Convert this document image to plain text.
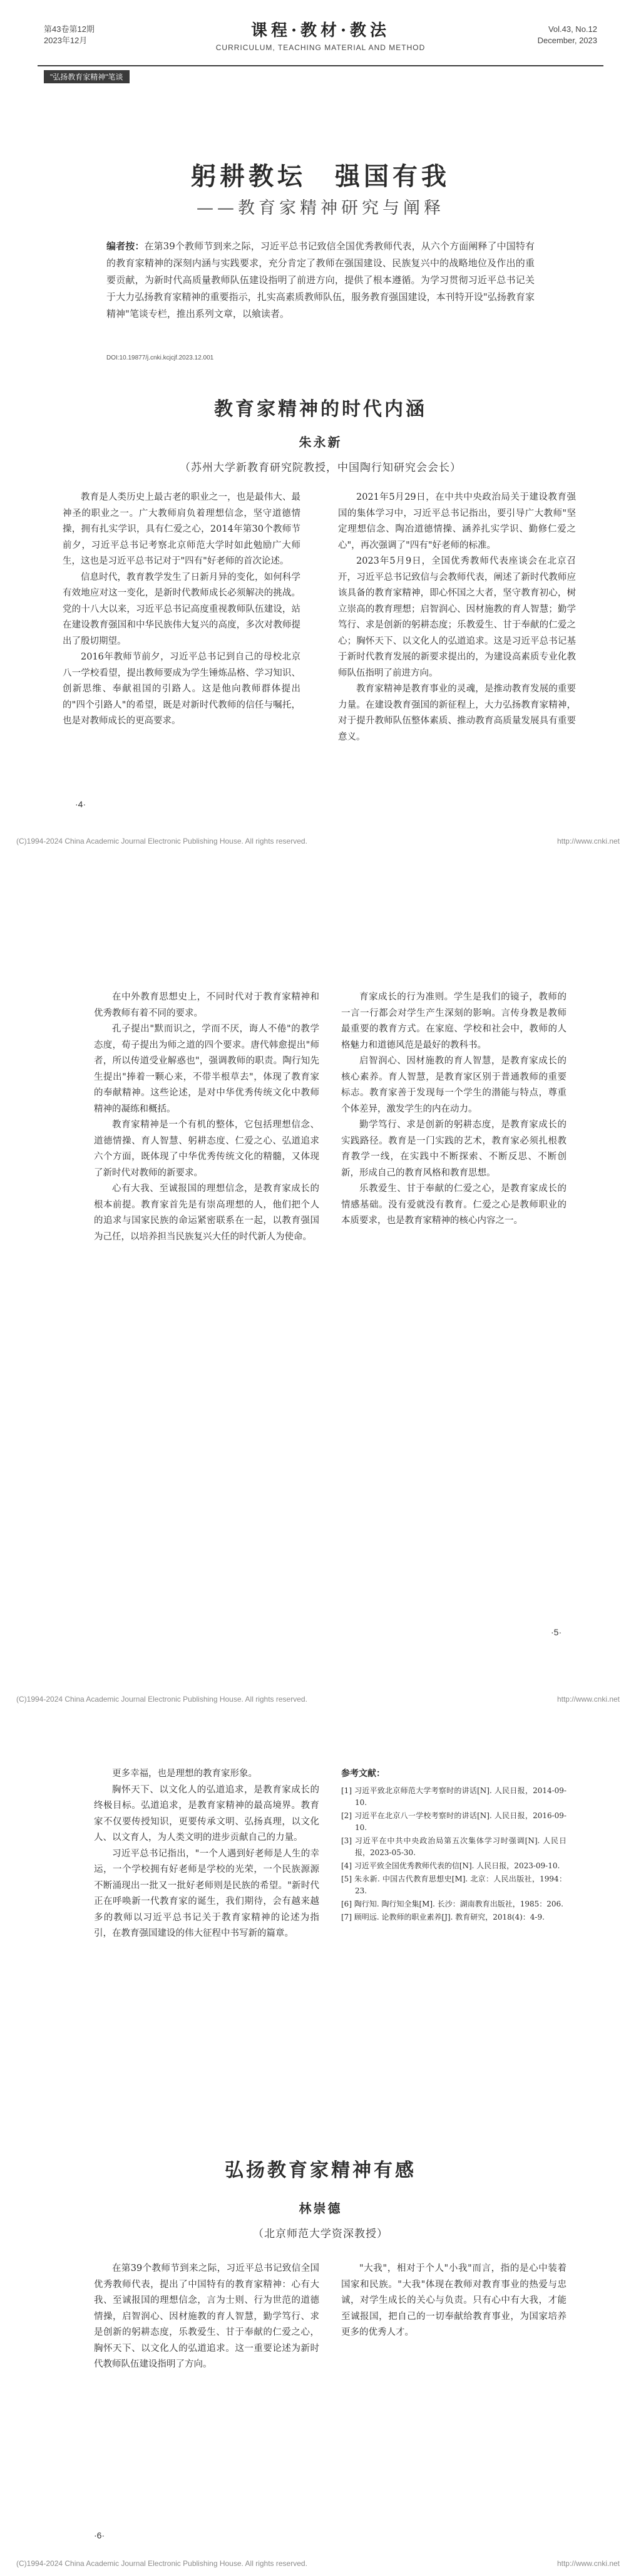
第43卷第12期
2023年12月
课程·教材·教法
CURRICULUM, TEACHING MATERIAL AND METHOD
Vol.43, No.12
December, 2023
"弘扬教育家精神"笔谈
躬耕教坛　强国有我
——教育家精神研究与阐释
编者按：在第39个教师节到来之际，习近平总书记致信全国优秀教师代表，从六个方面阐释了中国特有的教育家精神的深刻内涵与实践要求，充分肯定了教师在强国建设、民族复兴中的战略地位及作出的重要贡献，为新时代高质量教师队伍建设指明了前进方向，提供了根本遵循。为学习贯彻习近平总书记关于大力弘扬教育家精神的重要指示，扎实高素质教师队伍，服务教育强国建设，本刊特开设"弘扬教育家精神"笔谈专栏，推出系列文章，以飨读者。
DOI:10.19877/j.cnki.kcjcjf.2023.12.001
教育家精神的时代内涵
朱永新
（苏州大学新教育研究院教授，中国陶行知研究会会长）

教育是人类历史上最古老的职业之一，也是最伟大、最神圣的职业之一。广大教师肩负着理想信念，坚守道德情操，拥有扎实学识，具有仁爱之心，2014年第30个教师节前夕，习近平总书记考察北京师范大学时如此勉励广大师生，这也是习近平总书记对于"四有"好老师的首次论述。

信息时代，教育教学发生了日新月异的变化，如何科学有效地应对这一变化，是新时代教师成长必须解决的挑战。党的十八大以来，习近平总书记高度重视教师队伍建设，站在建设教育强国和中华民族伟大复兴的高度，多次对教师提出了殷切期望。

2016年教师节前夕，习近平总书记到自己的母校北京八一学校看望，提出教师要成为学生锤炼品格、学习知识、创新思维、奉献祖国的引路人。这是他向教师群体提出的"四个引路人"的希望，既是对新时代教师的信任与嘱托，也是对教师成长的更高要求。

2021年5月29日，在中共中央政治局关于建设教育强国的集体学习中，习近平总书记指出，要引导广大教师"坚定理想信念、陶冶道德情操、涵养扎实学识、勤修仁爱之心"，再次强调了"四有"好老师的标准。

2023年5月9日，全国优秀教师代表座谈会在北京召开，习近平总书记致信与会教师代表，阐述了新时代教师应该具备的教育家精神，即心怀国之大者，坚守教育初心，树立崇高的教育理想；启智润心、因材施教的育人智慧；勤学笃行、求是创新的躬耕态度；乐教爱生、甘于奉献的仁爱之心；胸怀天下、以文化人的弘道追求。这是习近平总书记基于新时代教育发展的新要求提出的，为建设高素质专业化教师队伍指明了前进方向。

教育家精神是教育事业的灵魂，是推动教育发展的重要力量。在建设教育强国的新征程上，大力弘扬教育家精神，对于提升教师队伍整体素质、推动教育高质量发展具有重要意义。

·4·
(C)1994-2024 China Academic Journal Electronic Publishing House. All rights reserved.	http://www.cnki.net

在中外教育思想史上，不同时代对于教育家精神和优秀教师有着不同的要求。

孔子提出"默而识之，学而不厌，诲人不倦"的教学态度，荀子提出为师之道的四个要求。唐代韩愈提出"师者，所以传道受业解惑也"，强调教师的职责。陶行知先生提出"捧着一颗心来，不带半根草去"，体现了教育家的奉献精神。这些论述，是对中华优秀传统文化中教师精神的凝练和概括。

教育家精神是一个有机的整体，它包括理想信念、道德情操、育人智慧、躬耕态度、仁爱之心、弘道追求六个方面，既体现了中华优秀传统文化的精髓，又体现了新时代对教师的新要求。

心有大我、至诚报国的理想信念，是教育家成长的根本前提。教育家首先是有崇高理想的人，他们把个人的追求与国家民族的命运紧密联系在一起，以教育强国为己任，以培养担当民族复兴大任的时代新人为使命。

育家成长的行为准则。学生是我们的镜子，教师的一言一行都会对学生产生深刻的影响。言传身教是教师最重要的教育方式。在家庭、学校和社会中，教师的人格魅力和道德风范是最好的教科书。

启智润心、因材施教的育人智慧，是教育家成长的核心素养。育人智慧，是教育家区别于普通教师的重要标志。教育家善于发现每一个学生的潜能与特点，尊重个体差异，激发学生的内在动力。

勤学笃行、求是创新的躬耕态度，是教育家成长的实践路径。教育是一门实践的艺术，教育家必须扎根教育教学一线，在实践中不断探索、不断反思、不断创新，形成自己的教育风格和教育思想。

乐教爱生、甘于奉献的仁爱之心，是教育家成长的情感基础。没有爱就没有教育。仁爱之心是教师职业的本质要求，也是教育家精神的核心内容之一。

·5·
(C)1994-2024 China Academic Journal Electronic Publishing House. All rights reserved.	http://www.cnki.net

更多幸福，也是理想的教育家形象。

胸怀天下、以文化人的弘道追求，是教育家成长的终极目标。弘道追求，是教育家精神的最高境界。教育家不仅要传授知识，更要传承文明、弘扬真理，以文化人、以文育人，为人类文明的进步贡献自己的力量。

习近平总书记指出，"一个人遇到好老师是人生的幸运，一个学校拥有好老师是学校的光荣，一个民族源源不断涌现出一批又一批好老师则是民族的希望。"新时代正在呼唤新一代教育家的诞生，我们期待，会有越来越多的教师以习近平总书记关于教育家精神的论述为指引，在教育强国建设的伟大征程中书写新的篇章。

参考文献：
[1] 习近平致北京师范大学考察时的讲话[N]. 人民日报，2014-09-10.
[2] 习近平在北京八一学校考察时的讲话[N]. 人民日报，2016-09-10.
[3] 习近平在中共中央政治局第五次集体学习时强调[N]. 人民日报，2023-05-30.
[4] 习近平致全国优秀教师代表的信[N]. 人民日报，2023-09-10.
[5] 朱永新. 中国古代教育思想史[M]. 北京：人民出版社，1994：23.
[6] 陶行知. 陶行知全集[M]. 长沙：湖南教育出版社，1985：206.
[7] 顾明远. 论教师的职业素养[J]. 教育研究，2018(4)：4-9.
弘扬教育家精神有感
林崇德
（北京师范大学资深教授）

在第39个教师节到来之际，习近平总书记致信全国优秀教师代表，提出了中国特有的教育家精神：心有大我、至诚报国的理想信念，言为士则、行为世范的道德情操，启智润心、因材施教的育人智慧，勤学笃行、求是创新的躬耕态度，乐教爱生、甘于奉献的仁爱之心，胸怀天下、以文化人的弘道追求。这一重要论述为新时代教师队伍建设指明了方向。

"大我"，相对于个人"小我"而言，指的是心中装着国家和民族。"大我"体现在教师对教育事业的热爱与忠诚，对学生成长的关心与负责。只有心中有大我，才能至诚报国，把自己的一切奉献给教育事业，为国家培养更多的优秀人才。

·6·
(C)1994-2024 China Academic Journal Electronic Publishing House. All rights reserved.	http://www.cnki.net
